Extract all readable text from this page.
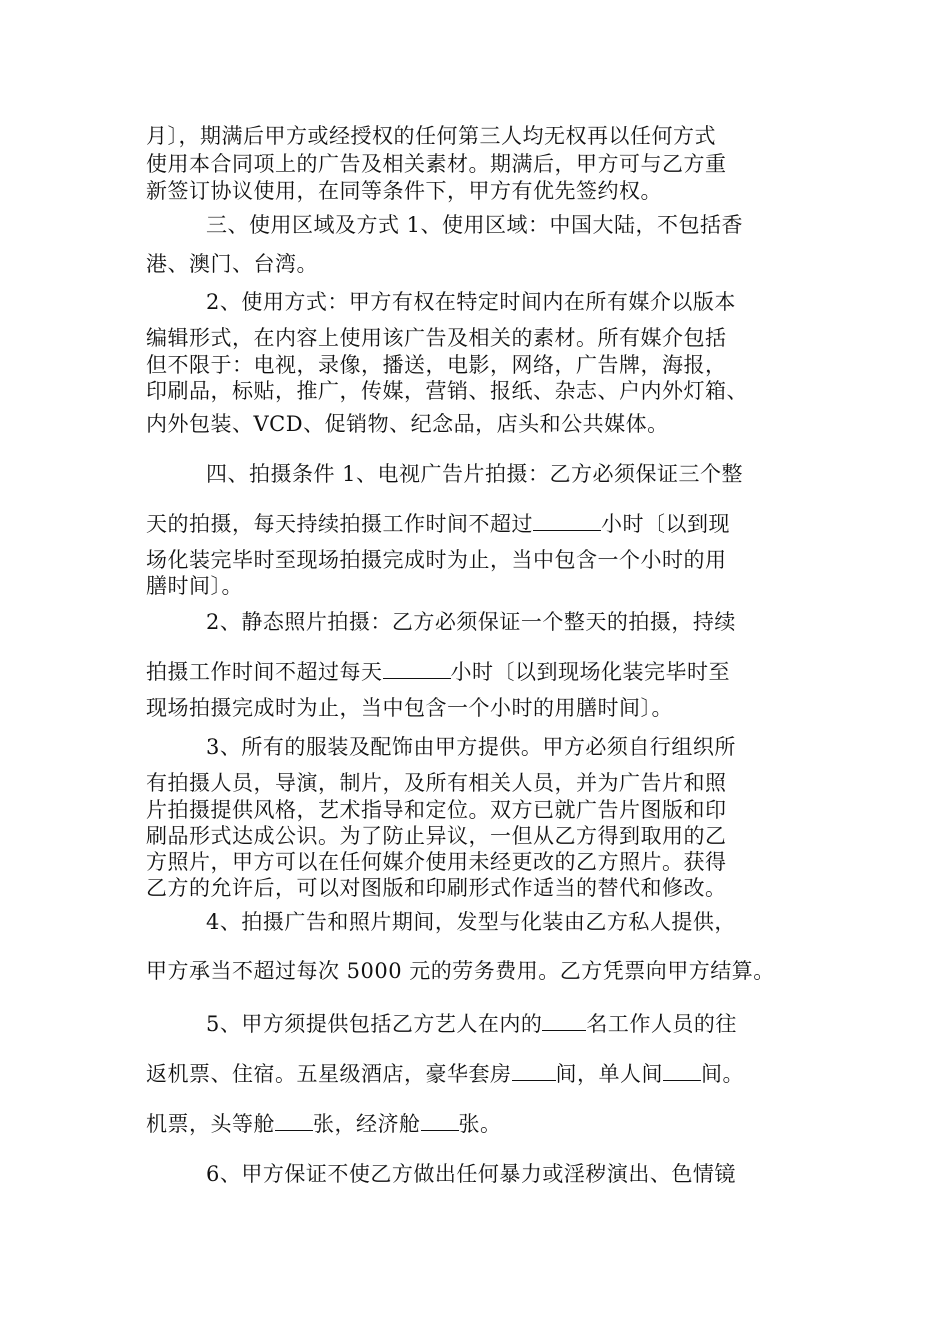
月〕，期满后甲方或经授权的任何第三人均无权再以任何方式
使用本合同项上的广告及相关素材。期满后，甲方可与乙方重
新签订协议使用，在同等条件下，甲方有优先签约权。
三、使用区域及方式 1、使用区域：中国大陆，不包括香
港、澳门、台湾。
2、使用方式：甲方有权在特定时间内在所有媒介以版本
编辑形式，在内容上使用该广告及相关的素材。所有媒介包括
但不限于：电视，录像，播送，电影，网络，广告牌，海报，
印刷品，标贴，推广，传媒，营销、报纸、杂志、户内外灯箱、
内外包装、VCD、促销物、纪念品，店头和公共媒体。
四、拍摄条件 1、电视广告片拍摄：乙方必须保证三个整
天的拍摄，每天持续拍摄工作时间不超过	小时〔以到现
场化装完毕时至现场拍摄完成时为止，当中包含一个小时的用
膳时间〕。
2、静态照片拍摄：乙方必须保证一个整天的拍摄，持续
拍摄工作时间不超过每天	小时〔以到现场化装完毕时至
现场拍摄完成时为止，当中包含一个小时的用膳时间〕。
3、所有的服装及配饰由甲方提供。甲方必须自行组织所
有拍摄人员，导演，制片，及所有相关人员，并为广告片和照
片拍摄提供风格，艺术指导和定位。双方已就广告片图版和印
刷品形式达成公识。为了防止异议，一但从乙方得到取用的乙
方照片，甲方可以在任何媒介使用未经更改的乙方照片。获得
乙方的允许后，可以对图版和印刷形式作适当的替代和修改。
4、拍摄广告和照片期间，发型与化装由乙方私人提供，
甲方承当不超过每次 5000 元的劳务费用。乙方凭票向甲方结算。
5、甲方须提供包括乙方艺人在内的 名工作人员的往
返机票、住宿。五星级酒店，豪华套房 间，单人间 间。
机票，头等舱 张，经济舱 张。
6、甲方保证不使乙方做出任何暴力或淫秽演出、色情镜
